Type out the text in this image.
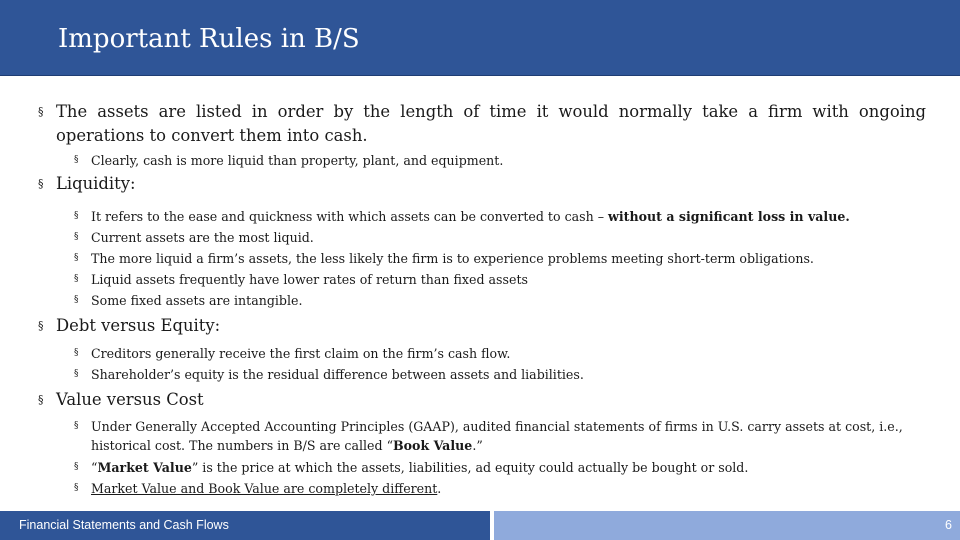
Important Rules in B/S

§ The assets are listed in order by the length of time it would normally take a firm with ongoing operations to convert them into cash.

§ Clearly, cash is more liquid than property, plant, and equipment.

§ Liquidity:

§ It refers to the ease and quickness with which assets can be converted to cash – without a significant loss in value.

§ Current assets are the most liquid.

§ The more liquid a firm’s assets, the less likely the firm is to experience problems meeting short-term obligations.

§ Liquid assets frequently have lower rates of return than fixed assets

§ Some fixed assets are intangible.

§ Debt versus Equity:

§ Creditors generally receive the first claim on the firm’s cash flow.

§ Shareholder’s equity is the residual difference between assets and liabilities.

§ Value versus Cost

§ Under Generally Accepted Accounting Principles (GAAP), audited financial statements of firms in U.S. carry assets at cost, i.e., historical cost. The numbers in B/S are called “Book Value.”

§ “Market Value” is the price at which the assets, liabilities, ad equity could actually be bought or sold.

§ Market Value and Book Value are completely different.

Financial Statements and Cash Flows	6
